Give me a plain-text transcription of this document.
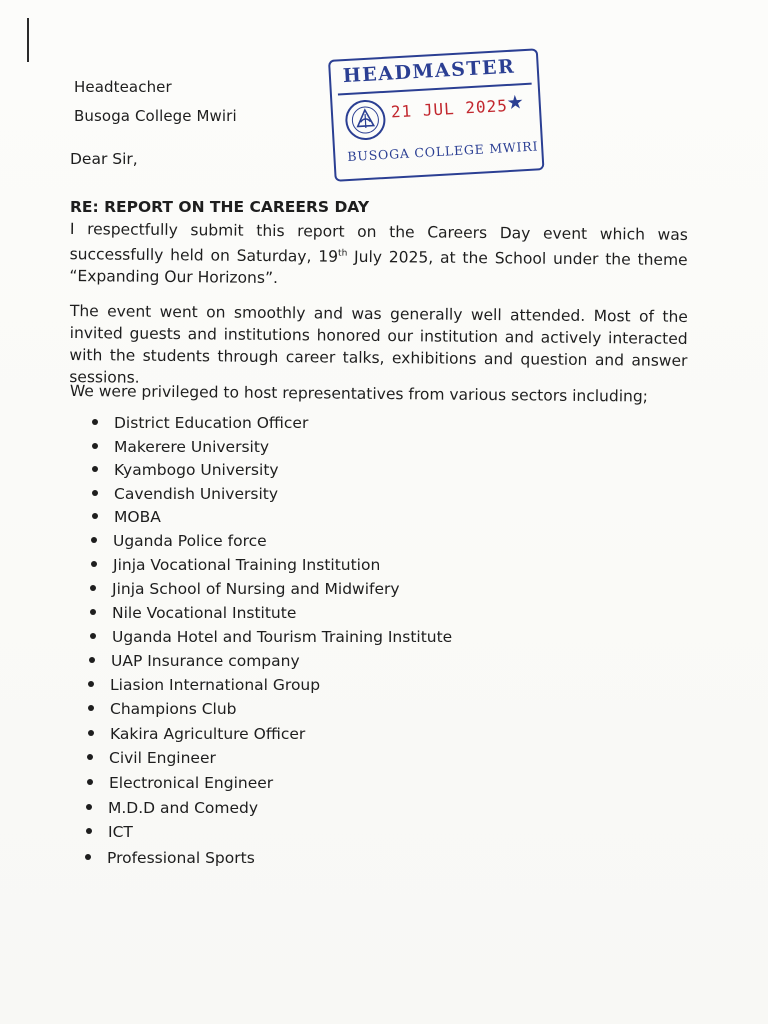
Headteacher
Busoga College Mwiri
HEADMASTER
21 JUL 2025
★
BUSOGA COLLEGE MWIRI
Dear Sir,
RE: REPORT ON THE CAREERS DAY
I respectfully submit this report on the Careers Day event which was successfully held on Saturday, 19th July 2025, at the School under the theme “Expanding Our Horizons”.
The event went on smoothly and was generally well attended. Most of the invited guests and institutions honored our institution and actively interacted with the students through career talks, exhibitions and question and answer sessions.
We were privileged to host representatives from various sectors including;
District Education Officer
Makerere University
Kyambogo University
Cavendish University
MOBA
Uganda Police force
Jinja Vocational Training Institution
Jinja School of Nursing and Midwifery
Nile Vocational Institute
Uganda Hotel and Tourism Training Institute
UAP Insurance company
Liasion International Group
Champions Club
Kakira Agriculture Officer
Civil Engineer
Electronical Engineer
M.D.D and Comedy
ICT
Professional Sports
